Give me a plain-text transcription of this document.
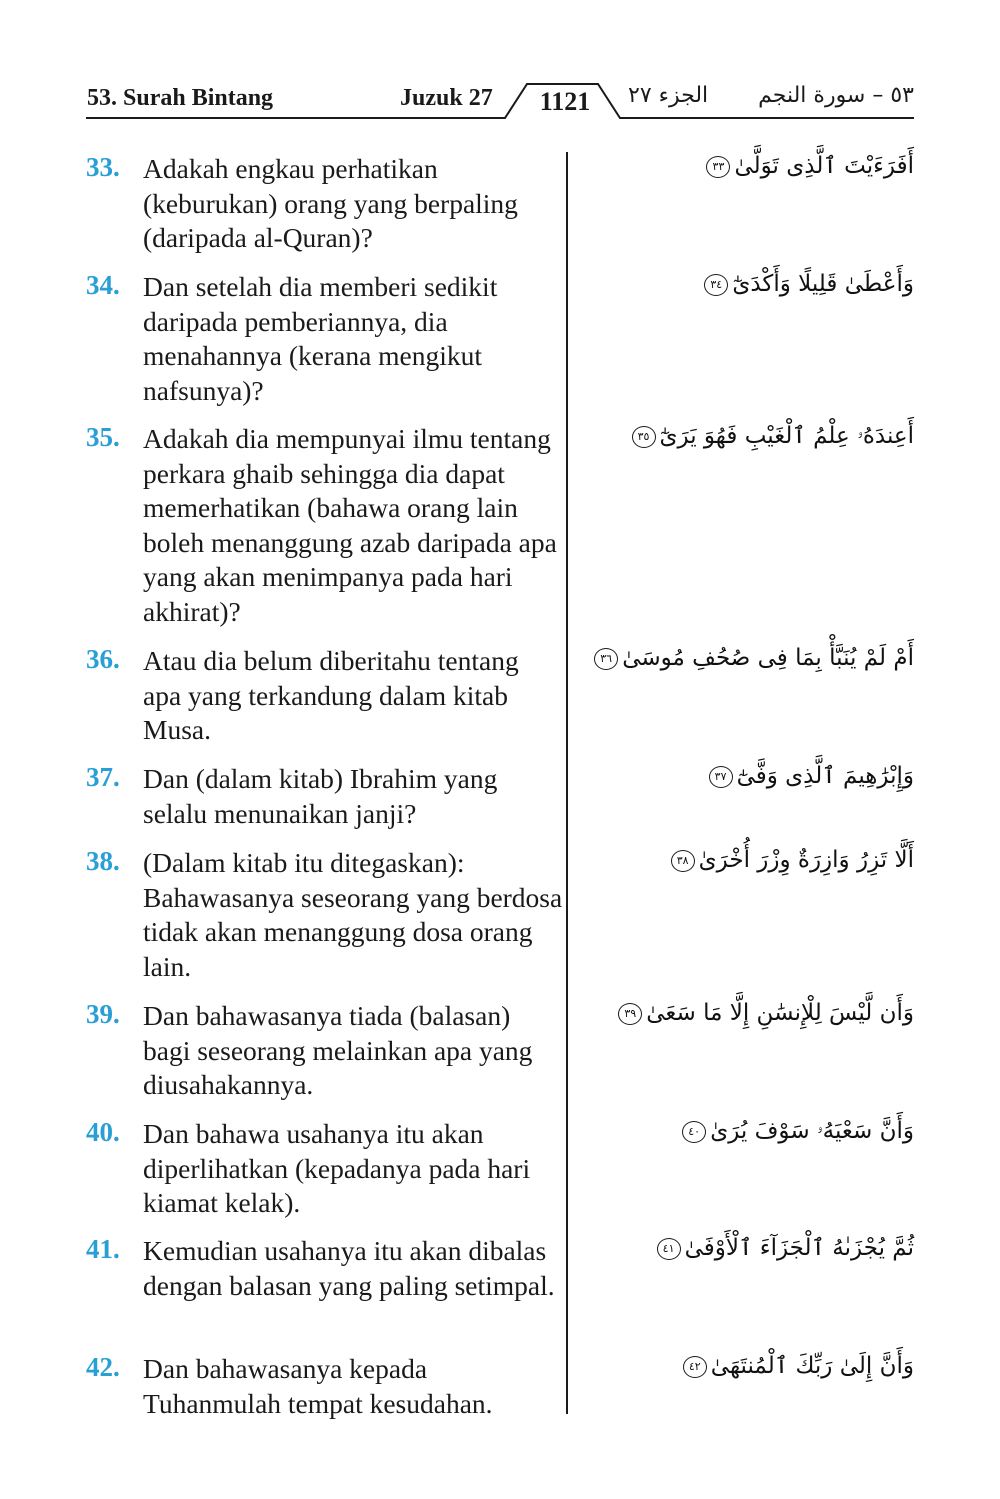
53. Surah Bintang	Juzuk 27	1121	الجزء ٢٧ ٥٣ – سورة النجم
33. Adakah engkau perhatikan (keburukan) orang yang berpaling (daripada al-Quran)?
أَفَرَءَيْتَ ٱلَّذِى تَوَلَّىٰ٣٣
34. Dan setelah dia memberi sedikit daripada pemberiannya, dia menahannya (kerana mengikut nafsunya)?
وَأَعْطَىٰ قَلِيلًا وَأَكْدَىٰٓ٣٤
35. Adakah dia mempunyai ilmu tentang perkara ghaib sehingga dia dapat memerhatikan (bahawa orang lain boleh menanggung azab daripada apa yang akan menimpanya pada hari akhirat)?
أَعِندَهُۥ عِلْمُ ٱلْغَيْبِ فَهُوَ يَرَىٰٓ٣٥
36. Atau dia belum diberitahu tentang apa yang terkandung dalam kitab Musa.
أَمْ لَمْ يُنَبَّأْ بِمَا فِى صُحُفِ مُوسَىٰ٣٦
37. Dan (dalam kitab) Ibrahim yang selalu menunaikan janji?
وَإِبْرَٰهِيمَ ٱلَّذِى وَفَّىٰٓ٣٧
38. (Dalam kitab itu ditegaskan): Bahawasanya seseorang yang berdosa tidak akan menanggung dosa orang lain.
أَلَّا تَزِرُ وَازِرَةٌ وِزْرَ أُخْرَىٰ٣٨
39. Dan bahawasanya tiada (balasan) bagi seseorang melainkan apa yang diusahakannya.
وَأَن لَّيْسَ لِلْإِنسَٰنِ إِلَّا مَا سَعَىٰ٣٩
40. Dan bahawa usahanya itu akan diperlihatkan (kepadanya pada hari kiamat kelak).
وَأَنَّ سَعْيَهُۥ سَوْفَ يُرَىٰ٤٠
41. Kemudian usahanya itu akan dibalas dengan balasan yang paling setimpal.
ثُمَّ يُجْزَىٰهُ ٱلْجَزَآءَ ٱلْأَوْفَىٰ٤١
42. Dan bahawasanya kepada Tuhanmulah tempat kesudahan.
وَأَنَّ إِلَىٰ رَبِّكَ ٱلْمُنتَهَىٰ٤٢
